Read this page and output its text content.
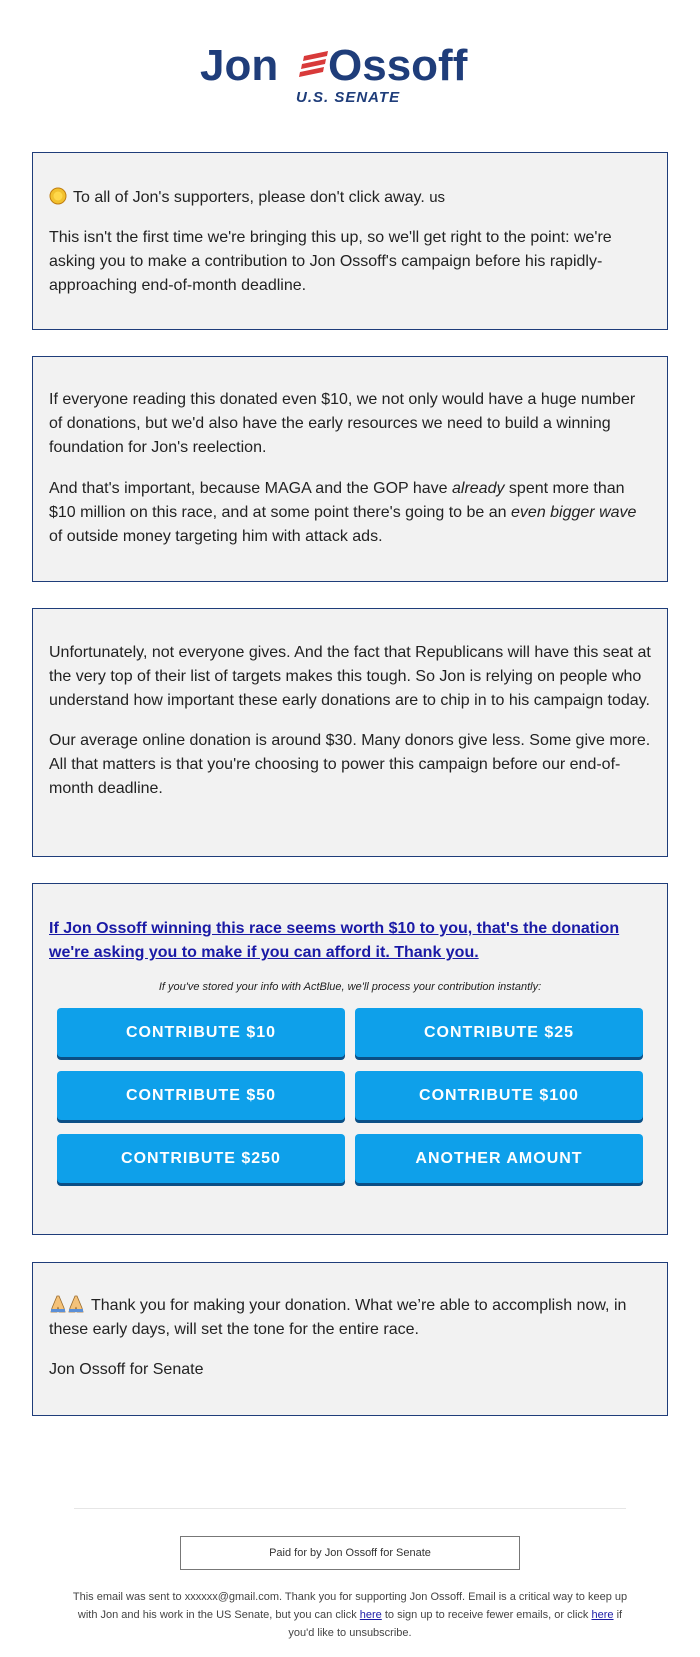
Jon Ossoff
U.S. SENATE

To all of Jon's supporters, please don't click away. us

This isn't the first time we're bringing this up, so we'll get right to the point: we're asking you to make a contribution to Jon Ossoff's campaign before his rapidly-approaching end-of-month deadline.

If everyone reading this donated even $10, we not only would have a huge number of donations, but we'd also have the early resources we need to build a winning foundation for Jon's reelection.

And that's important, because MAGA and the GOP have already spent more than $10 million on this race, and at some point there's going to be an even bigger wave of outside money targeting him with attack ads.

Unfortunately, not everyone gives. And the fact that Republicans will have this seat at the very top of their list of targets makes this tough. So Jon is relying on people who understand how important these early donations are to chip in to his campaign today.

Our average online donation is around $30. Many donors give less. Some give more. All that matters is that you're choosing to power this campaign before our end-of-month deadline.

If Jon Ossoff winning this race seems worth $10 to you, that's the donation we're asking you to make if you can afford it. Thank you.
If you've stored your info with ActBlue, we'll process your contribution instantly:
CONTRIBUTE $10	CONTRIBUTE $25
CONTRIBUTE $50	CONTRIBUTE $100
CONTRIBUTE $250	ANOTHER AMOUNT

Thank you for making your donation. What we’re able to accomplish now, in these early days, will set the tone for the entire race.

Jon Ossoff for Senate

Paid for by Jon Ossoff for Senate
This email was sent to xxxxxx@gmail.com. Thank you for supporting Jon Ossoff. Email is a critical way to keep up with Jon and his work in the US Senate, but you can click here to sign up to receive fewer emails, or click here if you'd like to unsubscribe.
